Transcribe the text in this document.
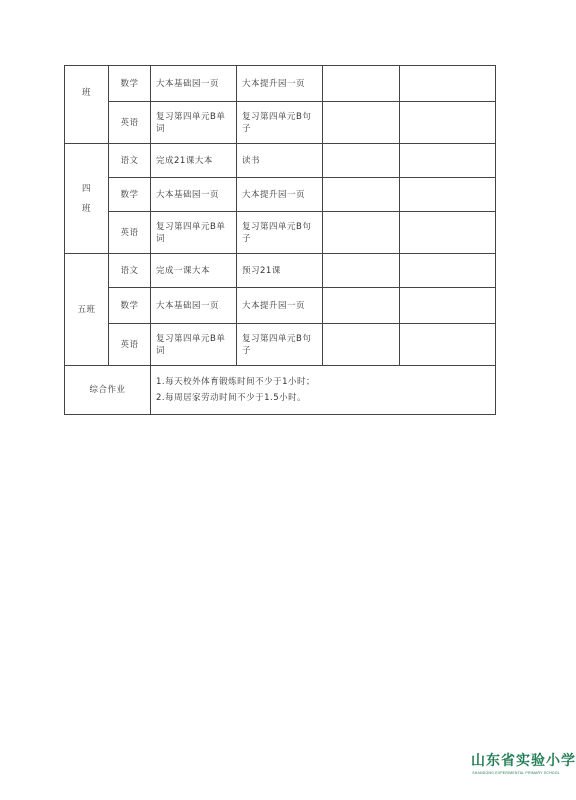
班	数学	大本基础园一页	大本提升园一页		
	英语	复习第四单元B单词	复习第四单元B句子		

四
班	语文	完成21课大本	读书		
	数学	大本基础园一页	大本提升园一页		
	英语	复习第四单元B单词	复习第四单元B句子		
五班	语文	完成一课大本	预习21课		
	数学	大本基础园一页	大本提升园一页		
	英语	复习第四单元B单词	复习第四单元B句子		
综合作业		1.每天校外体育锻炼时间不少于1小时；
2.每周居家劳动时间不少于1.5小时。			
山东省实验小学
SHANDONG EXPERIMENTAL PRIMARY SCHOOL
